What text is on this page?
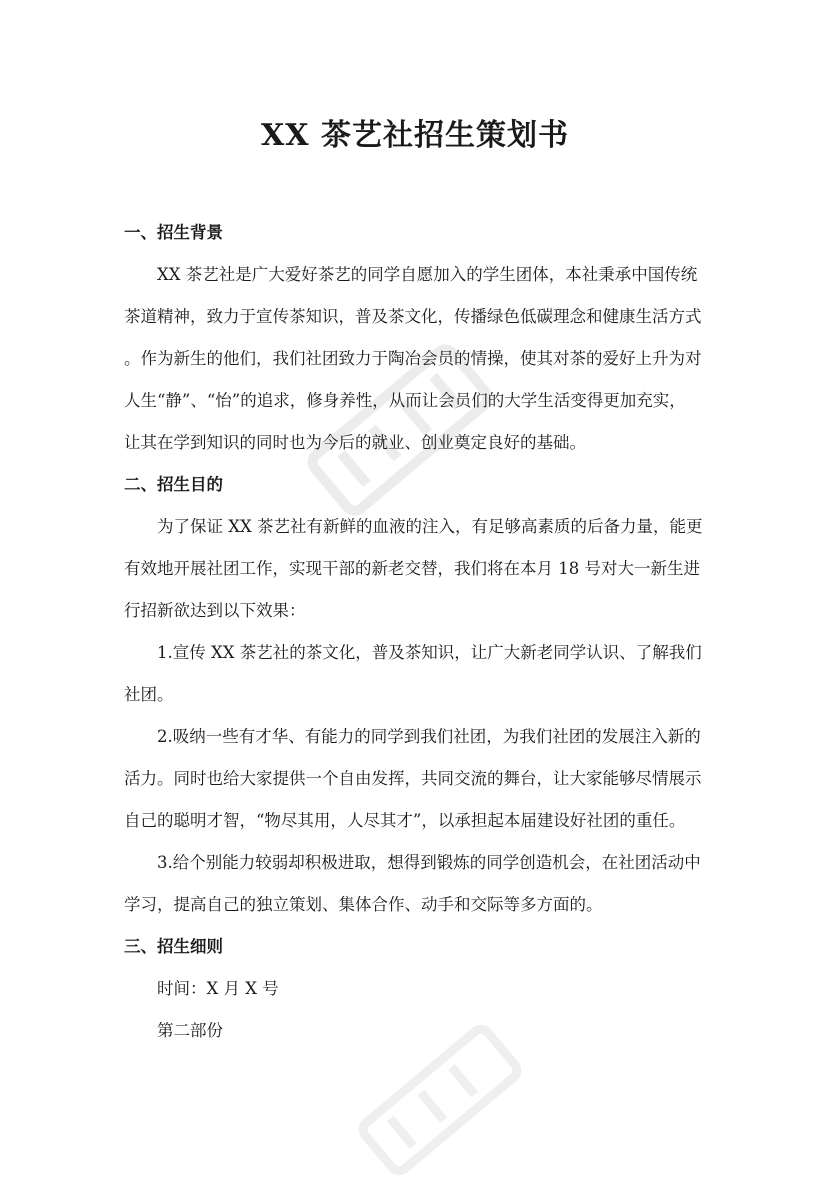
XX 茶艺社招生策划书
一、招生背景
XX 茶艺社是广大爱好茶艺的同学自愿加入的学生团体，本社秉承中国传统
茶道精神，致力于宣传茶知识，普及茶文化，传播绿色低碳理念和健康生活方式
。作为新生的他们，我们社团致力于陶冶会员的情操，使其对茶的爱好上升为对
人生“静”、“怡”的追求，修身养性，从而让会员们的大学生活变得更加充实，
让其在学到知识的同时也为今后的就业、创业奠定良好的基础。
二、招生目的
为了保证 XX 茶艺社有新鲜的血液的注入，有足够高素质的后备力量，能更
有效地开展社团工作，实现干部的新老交替，我们将在本月 18 号对大一新生进
行招新欲达到以下效果：
1.宣传 XX 茶艺社的茶文化，普及茶知识，让广大新老同学认识、了解我们
社团。
2.吸纳一些有才华、有能力的同学到我们社团，为我们社团的发展注入新的
活力。同时也给大家提供一个自由发挥，共同交流的舞台，让大家能够尽情展示
自己的聪明才智，“物尽其用，人尽其才”，以承担起本届建设好社团的重任。
3.给个别能力较弱却积极进取，想得到锻炼的同学创造机会，在社团活动中
学习，提高自己的独立策划、集体合作、动手和交际等多方面的。
三、招生细则
时间：X 月 X 号
第二部份
